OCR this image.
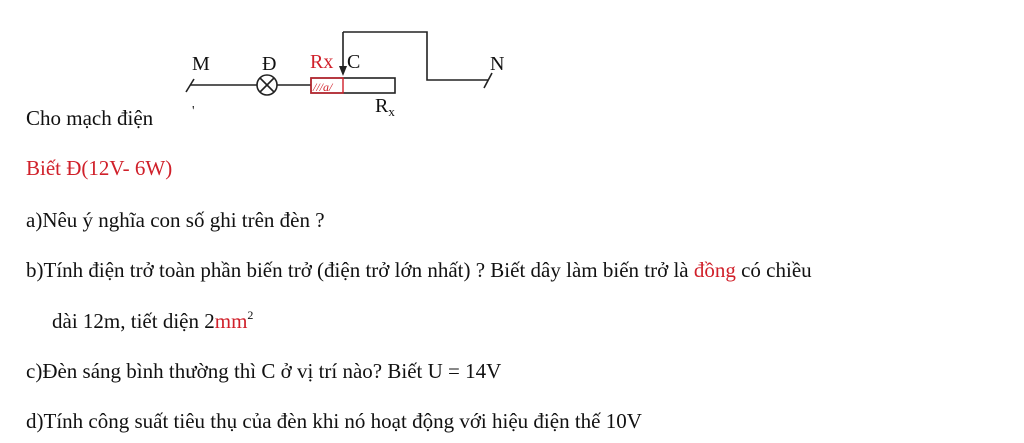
///a/
M	Đ Rx C	N
$R_x$
Cho mạch điện	'
Biết Đ(12V- 6W)
a)Nêu ý nghĩa con số ghi trên đèn ?
b)Tính điện trở toàn phần biến trở (điện trở lớn nhất) ? Biết dây làm biến trở là đồng có chiều
dài 12m, tiết diện $2mm^2$
c)Đèn sáng bình thường thì C ở vị trí nào? Biết U = 14V
d)Tính công suất tiêu thụ của đèn khi nó hoạt động với hiệu điện thế 10V
